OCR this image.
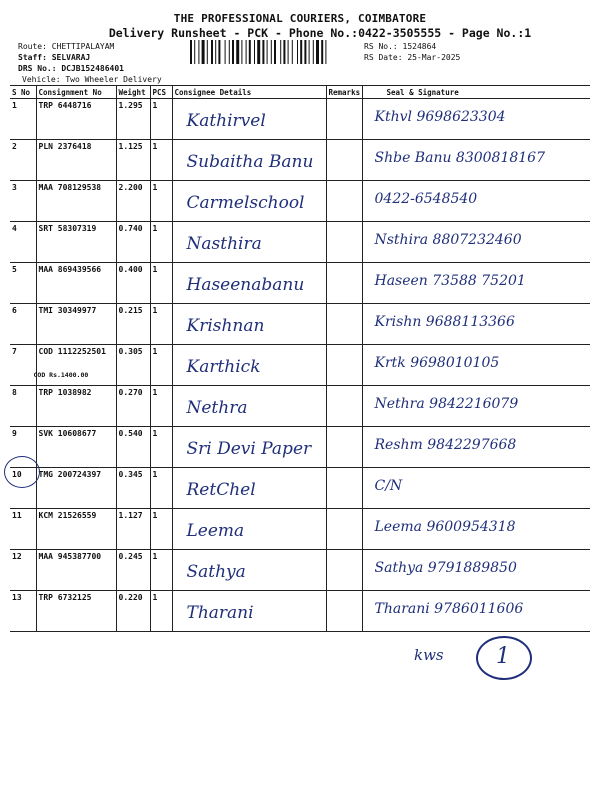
THE PROFESSIONAL COURIERS, COIMBATORE
Delivery Runsheet - PCK - Phone No.:0422-3505555 - Page No.:1
Route: CHETTIPALAYAM
Staff: SELVARAJ
DRS No.: DCJB152486401
Vehicle: Two Wheeler Delivery
RS No.: 1524864
RS Date: 25-Mar-2025
S No	Consignment No	Weight	PCS	Consignee Details	Remarks	Seal & Signature
1	TRP 6448716	1.295	1	Kathirvel		Kthvl 9698623304

2	PLN 2376418	1.125	1	Subaitha Banu		Shbe Banu 8300818167

3	MAA 708129538	2.200	1	Carmelschool		0422-6548540

4	SRT 58307319	0.740	1	Nasthira		Nsthira 8807232460

5	MAA 869439566	0.400	1	Haseenabanu		Haseen 73588 75201

6	TMI 30349977	0.215	1	Krishnan		Krishn 9688113366

7	COD 1112252501
COD Rs.1400.00	0.305	1	Karthick		Krtk 9698010105

8	TRP 1038982	0.270	1	Nethra		Nethra 9842216079

9	SVK 10608677	0.540	1	Sri Devi Paper		Reshm 9842297668

10	TMG 200724397	0.345	1	RetChel		C/N

11	KCM 21526559	1.127	1	Leema		Leema 9600954318

12	MAA 945387700	0.245	1	Sathya		Sathya 9791889850

13	TRP 6732125	0.220	1	Tharani		Tharani 9786011606
kws 1
